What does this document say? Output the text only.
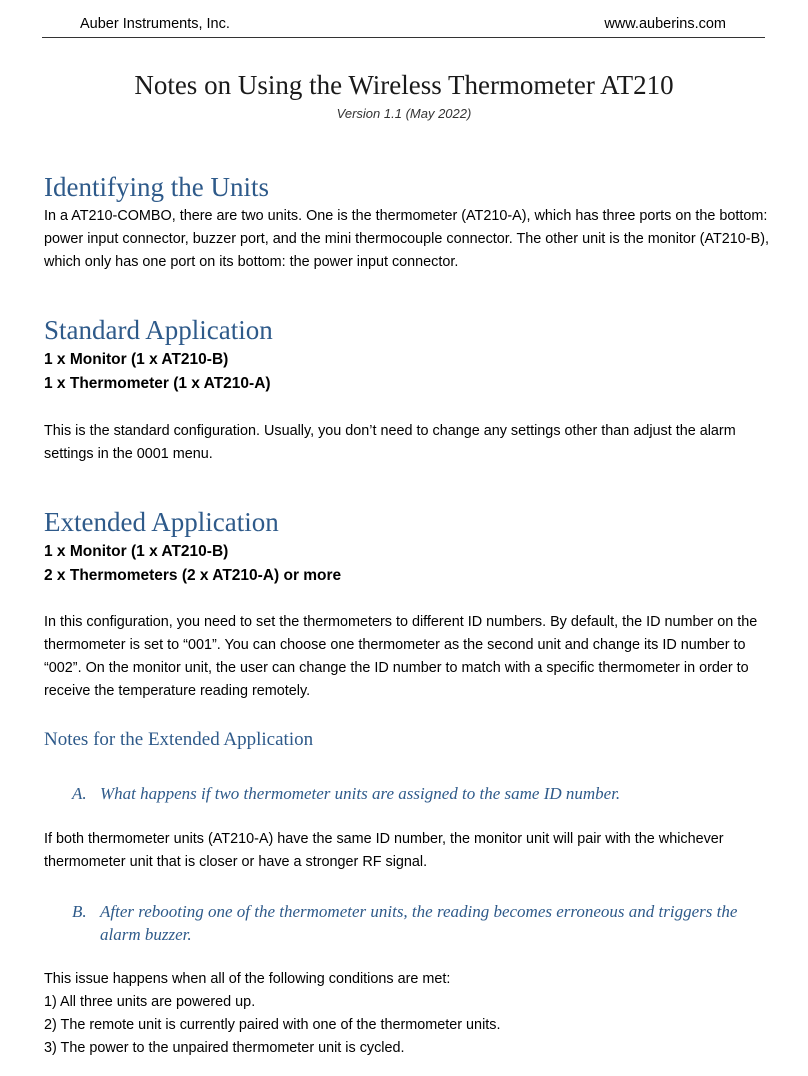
Auber Instruments, Inc.	www.auberins.com
Notes on Using the Wireless Thermometer AT210
Version 1.1 (May 2022)
Identifying the Units

In a AT210-COMBO, there are two units. One is the thermometer (AT210-A), which has three ports on the bottom: power input connector, buzzer port, and the mini thermocouple connector. The other unit is the monitor (AT210-B), which only has one port on its bottom: the power input connector.

Standard Application

1 x Monitor (1 x AT210-B)

1 x Thermometer (1 x AT210-A)

This is the standard configuration. Usually, you don’t need to change any settings other than adjust the alarm settings in the 0001 menu.

Extended Application

1 x Monitor (1 x AT210-B)

2 x Thermometers (2 x AT210-A) or more

In this configuration, you need to set the thermometers to different ID numbers. By default, the ID number on the thermometer is set to “001”. You can choose one thermometer as the second unit and change its ID number to “002”. On the monitor unit, the user can change the ID number to match with a specific thermometer in order to receive the temperature reading remotely.

Notes for the Extended Application
A. What happens if two thermometer units are assigned to the same ID number.

If both thermometer units (AT210-A) have the same ID number, the monitor unit will pair with the whichever thermometer unit that is closer or have a stronger RF signal.

B. After rebooting one of the thermometer units, the reading becomes erroneous and triggers the alarm buzzer.

This issue happens when all of the following conditions are met:

1) All three units are powered up.

2) The remote unit is currently paired with one of the thermometer units.

3) The power to the unpaired thermometer unit is cycled.
